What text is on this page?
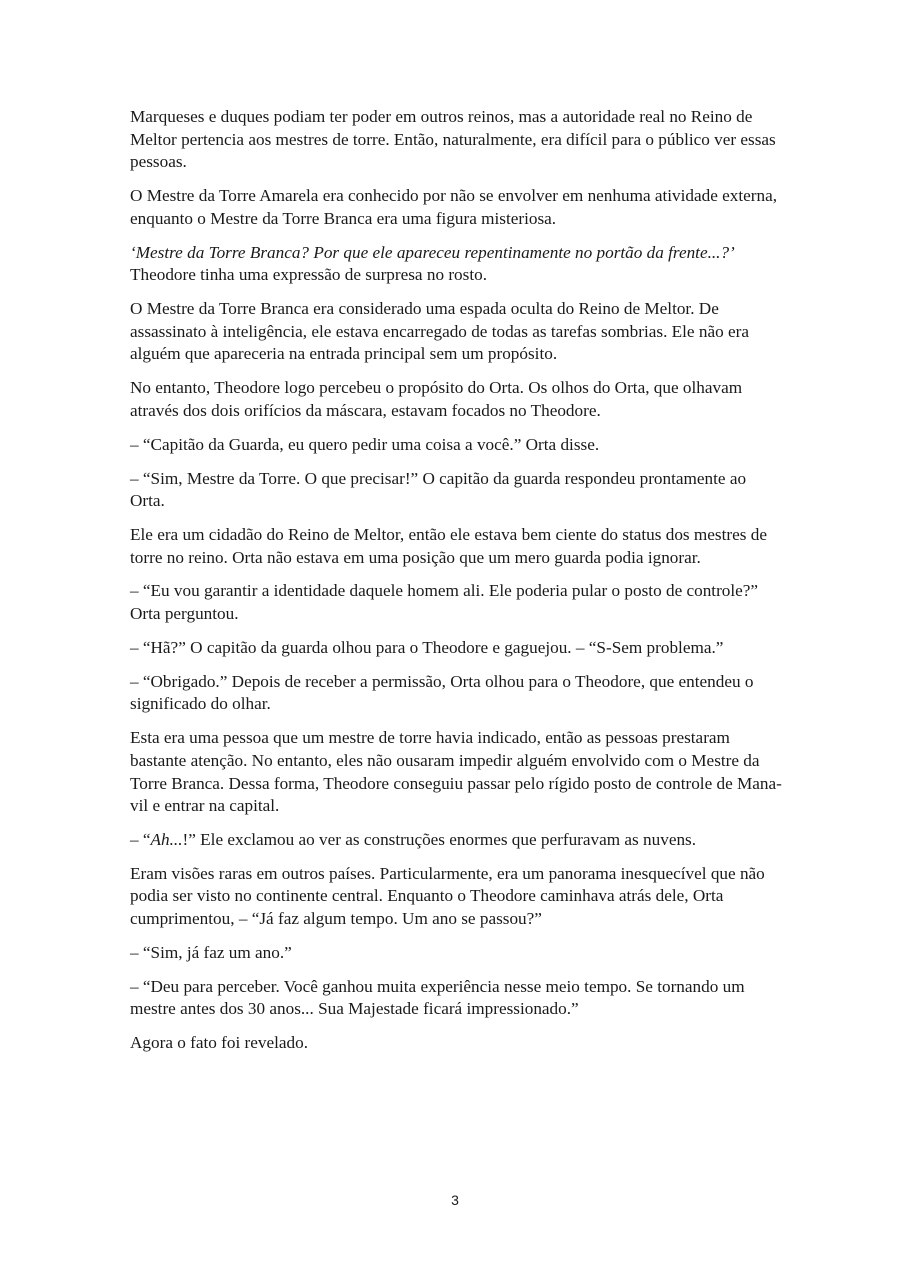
Marqueses e duques podiam ter poder em outros reinos, mas a autoridade real no Reino de Meltor pertencia aos mestres de torre. Então, naturalmente, era difícil para o público ver essas pessoas.

O Mestre da Torre Amarela era conhecido por não se envolver em nenhuma atividade externa, enquanto o Mestre da Torre Branca era uma figura misteriosa.

‘Mestre da Torre Branca? Por que ele apareceu repentinamente no portão da frente...?’ Theodore tinha uma expressão de surpresa no rosto.

O Mestre da Torre Branca era considerado uma espada oculta do Reino de Meltor. De assassinato à inteligência, ele estava encarregado de todas as tarefas sombrias. Ele não era alguém que apareceria na entrada principal sem um propósito.

No entanto, Theodore logo percebeu o propósito do Orta. Os olhos do Orta, que olhavam através dos dois orifícios da máscara, estavam focados no Theodore.

– “Capitão da Guarda, eu quero pedir uma coisa a você.” Orta disse.

– “Sim, Mestre da Torre. O que precisar!” O capitão da guarda respondeu prontamente ao Orta.

Ele era um cidadão do Reino de Meltor, então ele estava bem ciente do status dos mestres de torre no reino. Orta não estava em uma posição que um mero guarda podia ignorar.

– “Eu vou garantir a identidade daquele homem ali. Ele poderia pular o posto de controle?” Orta perguntou.

– “Hã?” O capitão da guarda olhou para o Theodore e gaguejou. – “S-Sem problema.”

– “Obrigado.” Depois de receber a permissão, Orta olhou para o Theodore, que entendeu o significado do olhar.

Esta era uma pessoa que um mestre de torre havia indicado, então as pessoas prestaram bastante atenção. No entanto, eles não ousaram impedir alguém envolvido com o Mestre da Torre Branca. Dessa forma, Theodore conseguiu passar pelo rígido posto de controle de Mana-vil e entrar na capital.

– “Ah...!” Ele exclamou ao ver as construções enormes que perfuravam as nuvens.

Eram visões raras em outros países. Particularmente, era um panorama inesquecível que não podia ser visto no continente central. Enquanto o Theodore caminhava atrás dele, Orta cumprimentou, – “Já faz algum tempo. Um ano se passou?”

– “Sim, já faz um ano.”

– “Deu para perceber. Você ganhou muita experiência nesse meio tempo. Se tornando um mestre antes dos 30 anos... Sua Majestade ficará impressionado.”

Agora o fato foi revelado.

3
